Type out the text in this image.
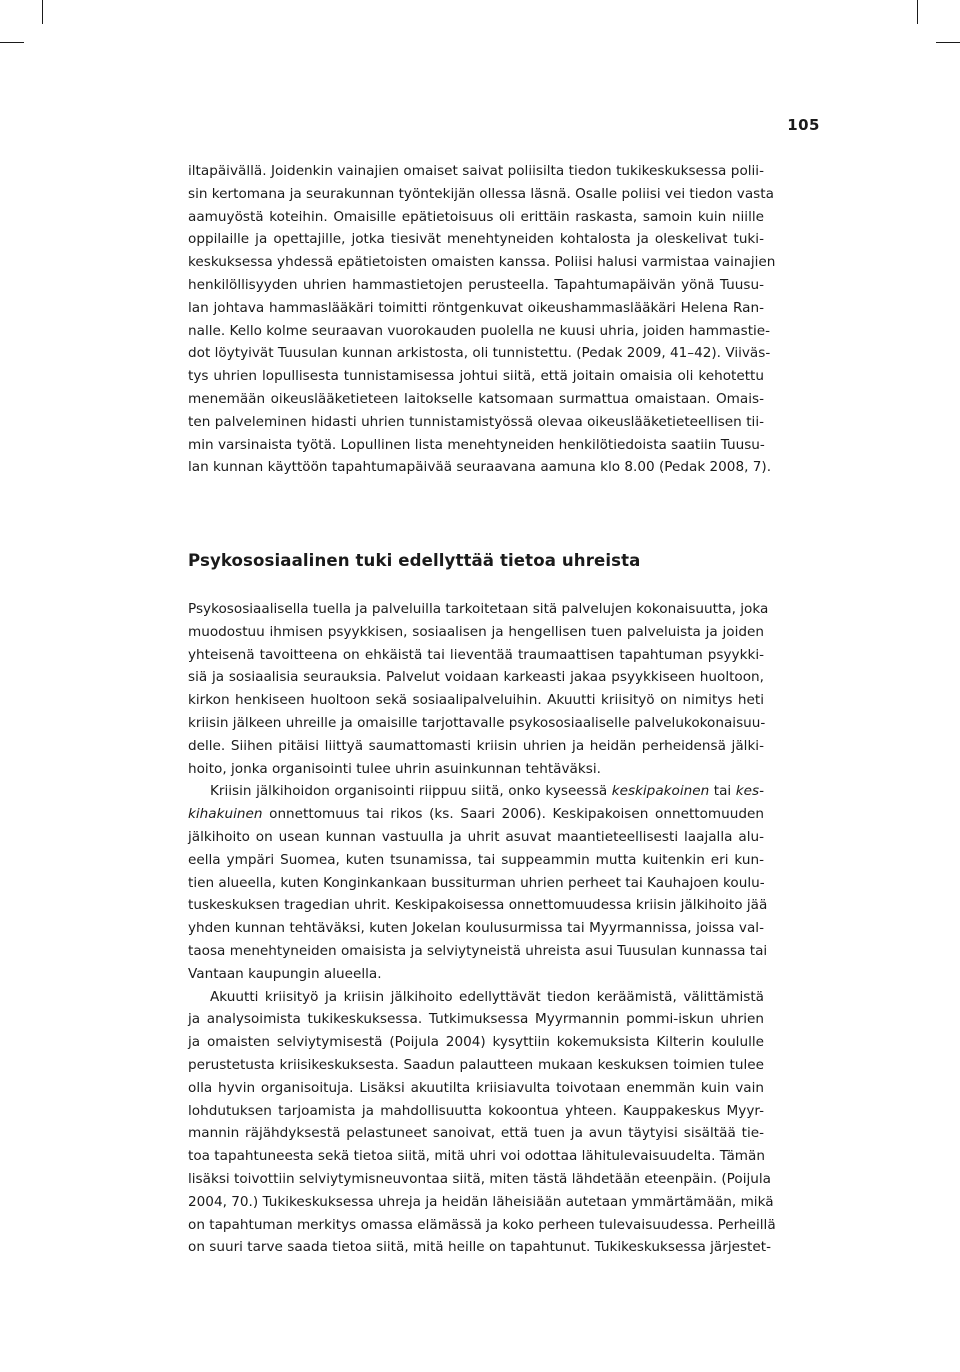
105
iltapäivällä. Joidenkin vainajien omaiset saivat poliisilta tiedon tukikeskuksessa polii-
sin kertomana ja seurakunnan työntekijän ollessa läsnä. Osalle poliisi vei tiedon vasta
aamuyöstä koteihin. Omaisille epätietoisuus oli erittäin raskasta, samoin kuin niille
oppilaille ja opettajille, jotka tiesivät menehtyneiden kohtalosta ja oleskelivat tuki-
keskuksessa yhdessä epätietoisten omaisten kanssa. Poliisi halusi varmistaa vainajien
henkilöllisyyden uhrien hammastietojen perusteella. Tapahtumapäivän yönä Tuusu-
lan johtava hammaslääkäri toimitti röntgenkuvat oikeushammaslääkäri Helena Ran-
nalle. Kello kolme seuraavan vuorokauden puolella ne kuusi uhria, joiden hammastie-
dot löytyivät Tuusulan kunnan arkistosta, oli tunnistettu. (Pedak 2009, 41–42). Viiväs-
tys uhrien lopullisesta tunnistamisessa johtui siitä, että joitain omaisia oli kehotettu
menemään oikeuslääketieteen laitokselle katsomaan surmattua omaistaan. Omais-
ten palveleminen hidasti uhrien tunnistamistyössä olevaa oikeuslääketieteellisen tii-
min varsinaista työtä. Lopullinen lista menehtyneiden henkilötiedoista saatiin Tuusu-
lan kunnan käyttöön tapahtumapäivää seuraavana aamuna klo 8.00 (Pedak 2008, 7).
Psykososiaalinen tuki edellyttää tietoa uhreista
Psykososiaalisella tuella ja palveluilla tarkoitetaan sitä palvelujen kokonaisuutta, joka
muodostuu ihmisen psyykkisen, sosiaalisen ja hengellisen tuen palveluista ja joiden
yhteisenä tavoitteena on ehkäistä tai lieventää traumaattisen tapahtuman psyykki-
siä ja sosiaalisia seurauksia. Palvelut voidaan karkeasti jakaa psyykkiseen huoltoon,
kirkon henkiseen huoltoon sekä sosiaalipalveluihin. Akuutti kriisityö on nimitys heti
kriisin jälkeen uhreille ja omaisille tarjottavalle psykososiaaliselle palvelukokonaisuu-
delle. Siihen pitäisi liittyä saumattomasti kriisin uhrien ja heidän perheidensä jälki-
hoito, jonka organisointi tulee uhrin asuinkunnan tehtäväksi.
Kriisin jälkihoidon organisointi riippuu siitä, onko kyseessä keskipakoinen tai kes-
kihakuinen onnettomuus tai rikos (ks. Saari 2006). Keskipakoisen onnettomuuden
jälkihoito on usean kunnan vastuulla ja uhrit asuvat maantieteellisesti laajalla alu-
eella ympäri Suomea, kuten tsunamissa, tai suppeammin mutta kuitenkin eri kun-
tien alueella, kuten Konginkankaan bussiturman uhrien perheet tai Kauhajoen koulu-
tuskeskuksen tragedian uhrit. Keskipakoisessa onnettomuudessa kriisin jälkihoito jää
yhden kunnan tehtäväksi, kuten Jokelan koulusurmissa tai Myyrmannissa, joissa val-
taosa menehtyneiden omaisista ja selviytyneistä uhreista asui Tuusulan kunnassa tai
Vantaan kaupungin alueella.
Akuutti kriisityö ja kriisin jälkihoito edellyttävät tiedon keräämistä, välittämistä
ja analysoimista tukikeskuksessa. Tutkimuksessa Myyrmannin pommi-iskun uhrien
ja omaisten selviytymisestä (Poijula 2004) kysyttiin kokemuksista Kilterin koululle
perustetusta kriisikeskuksesta. Saadun palautteen mukaan keskuksen toimien tulee
olla hyvin organisoituja. Lisäksi akuutilta kriisiavulta toivotaan enemmän kuin vain
lohdutuksen tarjoamista ja mahdollisuutta kokoontua yhteen. Kauppakeskus Myyr-
mannin räjähdyksestä pelastuneet sanoivat, että tuen ja avun täytyisi sisältää tie-
toa tapahtuneesta sekä tietoa siitä, mitä uhri voi odottaa lähitulevaisuudelta. Tämän
lisäksi toivottiin selviytymisneuvontaa siitä, miten tästä lähdetään eteenpäin. (Poijula
2004, 70.) Tukikeskuksessa uhreja ja heidän läheisiään autetaan ymmärtämään, mikä
on tapahtuman merkitys omassa elämässä ja koko perheen tulevaisuudessa. Perheillä
on suuri tarve saada tietoa siitä, mitä heille on tapahtunut. Tukikeskuksessa järjestet-
